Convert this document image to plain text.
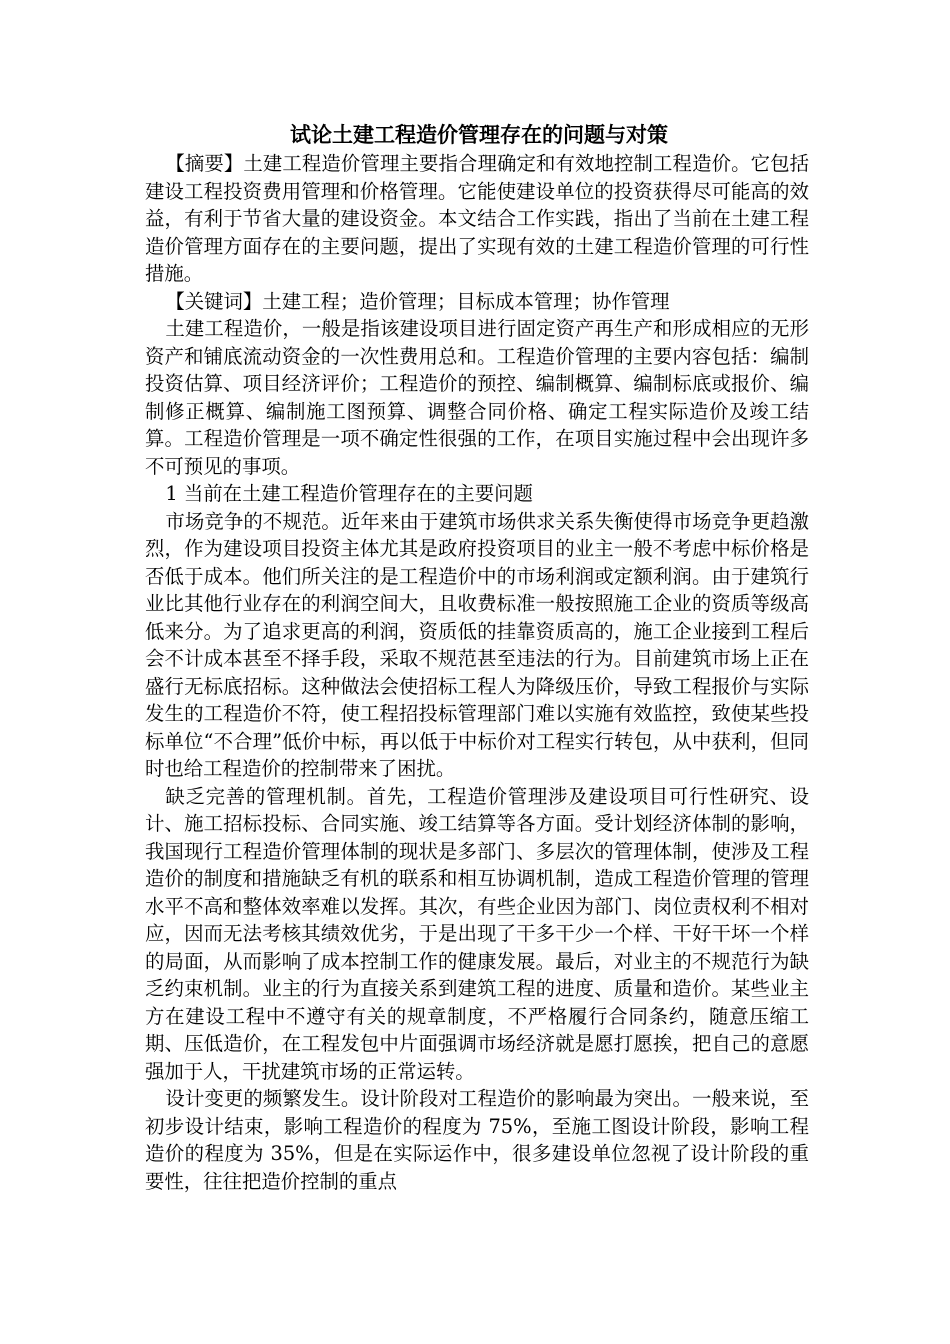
试论土建工程造价管理存在的问题与对策

【摘要】土建工程造价管理主要指合理确定和有效地控制工程造价。它包括建设工程投资费用管理和价格管理。它能使建设单位的投资获得尽可能高的效益，有利于节省大量的建设资金。本文结合工作实践，指出了当前在土建工程造价管理方面存在的主要问题，提出了实现有效的土建工程造价管理的可行性措施。

【关键词】土建工程；造价管理；目标成本管理；协作管理

土建工程造价，一般是指该建设项目进行固定资产再生产和形成相应的无形资产和铺底流动资金的一次性费用总和。工程造价管理的主要内容包括：编制投资估算、项目经济评价；工程造价的预控、编制概算、编制标底或报价、编制修正概算、编制施工图预算、调整合同价格、确定工程实际造价及竣工结算。工程造价管理是一项不确定性很强的工作，在项目实施过程中会出现许多不可预见的事项。

1 当前在土建工程造价管理存在的主要问题

市场竞争的不规范。近年来由于建筑市场供求关系失衡使得市场竞争更趋激烈，作为建设项目投资主体尤其是政府投资项目的业主一般不考虑中标价格是否低于成本。他们所关注的是工程造价中的市场利润或定额利润。由于建筑行业比其他行业存在的利润空间大，且收费标准一般按照施工企业的资质等级高低来分。为了追求更高的利润，资质低的挂靠资质高的，施工企业接到工程后会不计成本甚至不择手段，采取不规范甚至违法的行为。目前建筑市场上正在盛行无标底招标。这种做法会使招标工程人为降级压价，导致工程报价与实际发生的工程造价不符，使工程招投标管理部门难以实施有效监控，致使某些投标单位“不合理”低价中标，再以低于中标价对工程实行转包，从中获利，但同时也给工程造价的控制带来了困扰。

缺乏完善的管理机制。首先，工程造价管理涉及建设项目可行性研究、设计、施工招标投标、合同实施、竣工结算等各方面。受计划经济体制的影响，我国现行工程造价管理体制的现状是多部门、多层次的管理体制，使涉及工程造价的制度和措施缺乏有机的联系和相互协调机制，造成工程造价管理的管理水平不高和整体效率难以发挥。其次，有些企业因为部门、岗位责权利不相对应，因而无法考核其绩效优劣，于是出现了干多干少一个样、干好干坏一个样的局面，从而影响了成本控制工作的健康发展。最后，对业主的不规范行为缺乏约束机制。业主的行为直接关系到建筑工程的进度、质量和造价。某些业主方在建设工程中不遵守有关的规章制度，不严格履行合同条约，随意压缩工期、压低造价，在工程发包中片面强调市场经济就是愿打愿挨，把自己的意愿强加于人，干扰建筑市场的正常运转。

设计变更的频繁发生。设计阶段对工程造价的影响最为突出。一般来说，至初步设计结束，影响工程造价的程度为 75%，至施工图设计阶段，影响工程造价的程度为 35%，但是在实际运作中，很多建设单位忽视了设计阶段的重要性，往往把造价控制的重点
